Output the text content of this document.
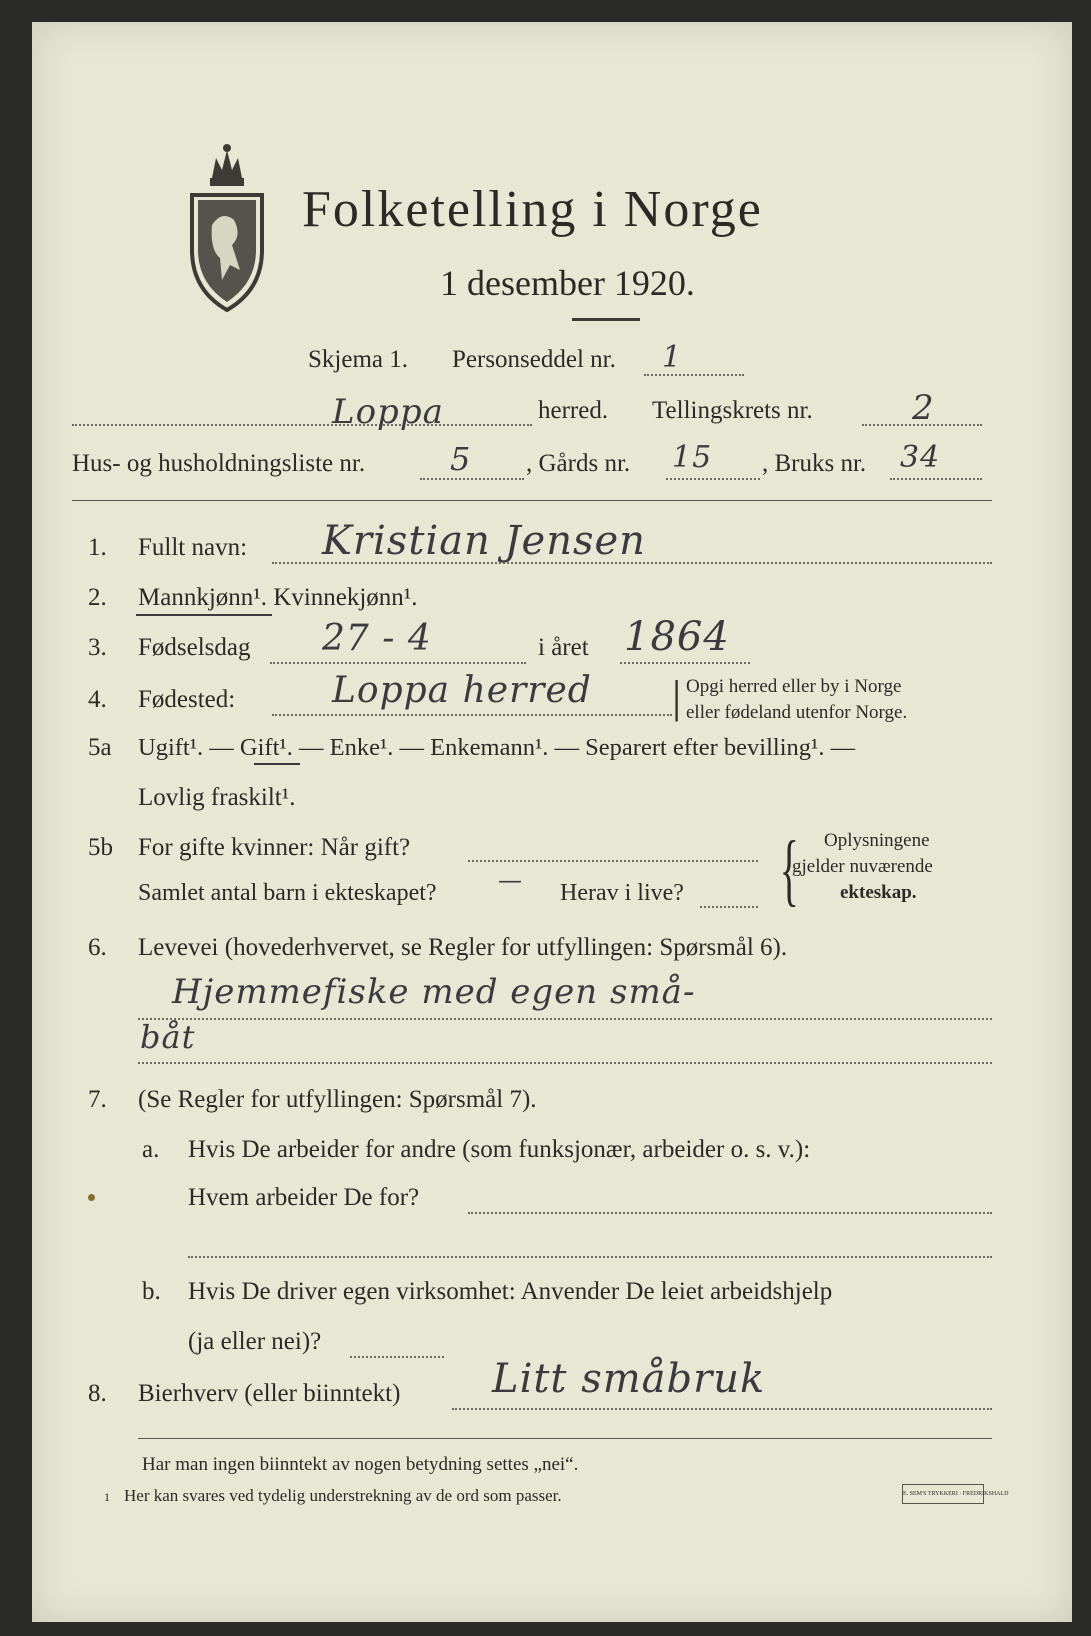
Folketelling i Norge
1 desember 1920.
Skjema 1. Personseddel nr. 1
Loppa	herred. Tellingskrets nr.	2
Hus- og husholdningsliste nr.	5 , Gårds nr. 15 , Bruks nr. 34
1. Fullt navn: Kristian Jensen
2. Mannkjønn¹. Kvinnekjønn¹.
3. Fødselsdag 27 - 4	i året 1864
4. Fødested:	Loppa herred | Opgi herred eller by i Norge
eller fødeland utenfor Norge.
5a Ugift¹. — Gift¹. — Enke¹. — Enkemann¹. — Separert efter bevilling¹. —
Lovlig fraskilt¹.
5b For gifte kvinner: Når gift?
Samlet antal barn i ekteskapet?	— Herav i live? { Oplysningene
gjelder nuværende
ekteskap.
6. Levevei (hovederhvervet, se Regler for utfyllingen: Spørsmål 6).
Hjemmefiske med egen små-
båt
7. (Se Regler for utfyllingen: Spørsmål 7).
a. Hvis De arbeider for andre (som funksjonær, arbeider o. s. v.):
Hvem arbeider De for?
b. Hvis De driver egen virksomhet: Anvender De leiet arbeidshjelp
(ja eller nei)?
8. Bierhverv (eller biinntekt) Litt småbruk
Har man ingen biinntekt av nogen betydning settes „nei“.
1 Her kan svares ved tydelig understrekning av de ord som passer.	E. SEM'S TRYKKERI · FREDRIKSHALD
